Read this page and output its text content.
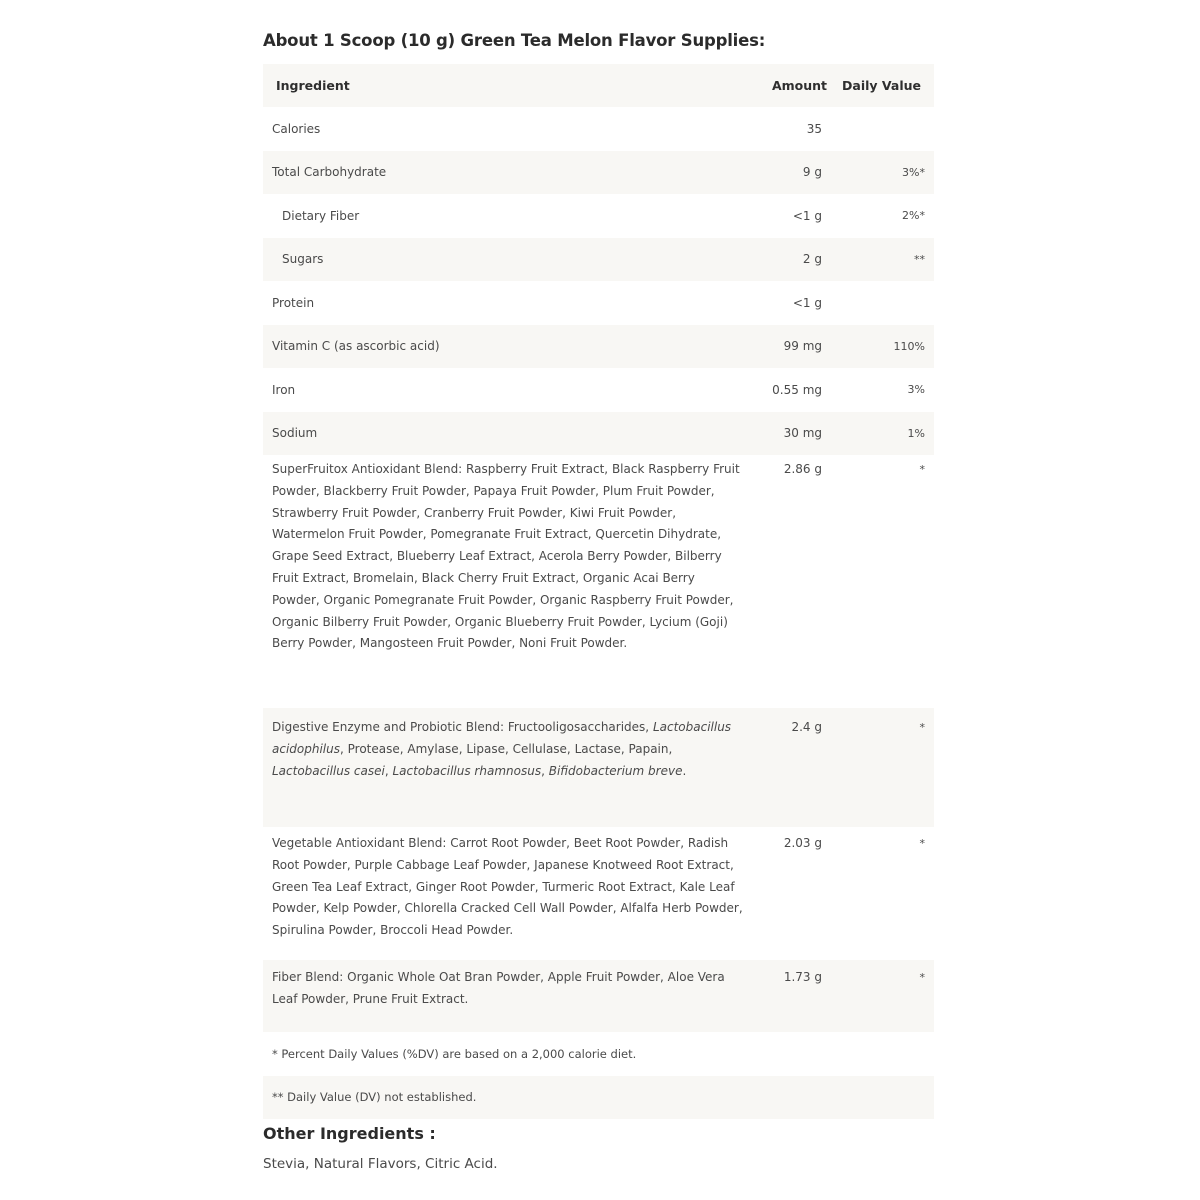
About 1 Scoop (10 g) Green Tea Melon Flavor Supplies:
Ingredient	Amount	Daily Value
Calories	35	
Total Carbohydrate	9 g	3%*
Dietary Fiber	<1 g	2%*
Sugars	2 g	**
Protein	<1 g	
Vitamin C (as ascorbic acid)	99 mg	110%
Iron	0.55 mg	3%
Sodium	30 mg	1%
SuperFruitox Antioxidant Blend: Raspberry Fruit Extract, Black Raspberry Fruit Powder, Blackberry Fruit Powder, Papaya Fruit Powder, Plum Fruit Powder, Strawberry Fruit Powder, Cranberry Fruit Powder, Kiwi Fruit Powder, Watermelon Fruit Powder, Pomegranate Fruit Extract, Quercetin Dihydrate, Grape Seed Extract, Blueberry Leaf Extract, Acerola Berry Powder, Bilberry Fruit Extract, Bromelain, Black Cherry Fruit Extract, Organic Acai Berry Powder, Organic Pomegranate Fruit Powder, Organic Raspberry Fruit Powder, Organic Bilberry Fruit Powder, Organic Blueberry Fruit Powder, Lycium (Goji) Berry Powder, Mangosteen Fruit Powder, Noni Fruit Powder.	2.86 g	*
Digestive Enzyme and Probiotic Blend: Fructooligosaccharides, Lactobacillus acidophilus, Protease, Amylase, Lipase, Cellulase, Lactase, Papain, Lactobacillus casei, Lactobacillus rhamnosus, Bifidobacterium breve.	2.4 g	*
Vegetable Antioxidant Blend: Carrot Root Powder, Beet Root Powder, Radish Root Powder, Purple Cabbage Leaf Powder, Japanese Knotweed Root Extract, Green Tea Leaf Extract, Ginger Root Powder, Turmeric Root Extract, Kale Leaf Powder, Kelp Powder, Chlorella Cracked Cell Wall Powder, Alfalfa Herb Powder, Spirulina Powder, Broccoli Head Powder.	2.03 g	*
Fiber Blend: Organic Whole Oat Bran Powder, Apple Fruit Powder, Aloe Vera Leaf Powder, Prune Fruit Extract.	1.73 g	*
* Percent Daily Values (%DV) are based on a 2,000 calorie diet.		
** Daily Value (DV) not established.		
Other Ingredients :
Stevia, Natural Flavors, Citric Acid.
